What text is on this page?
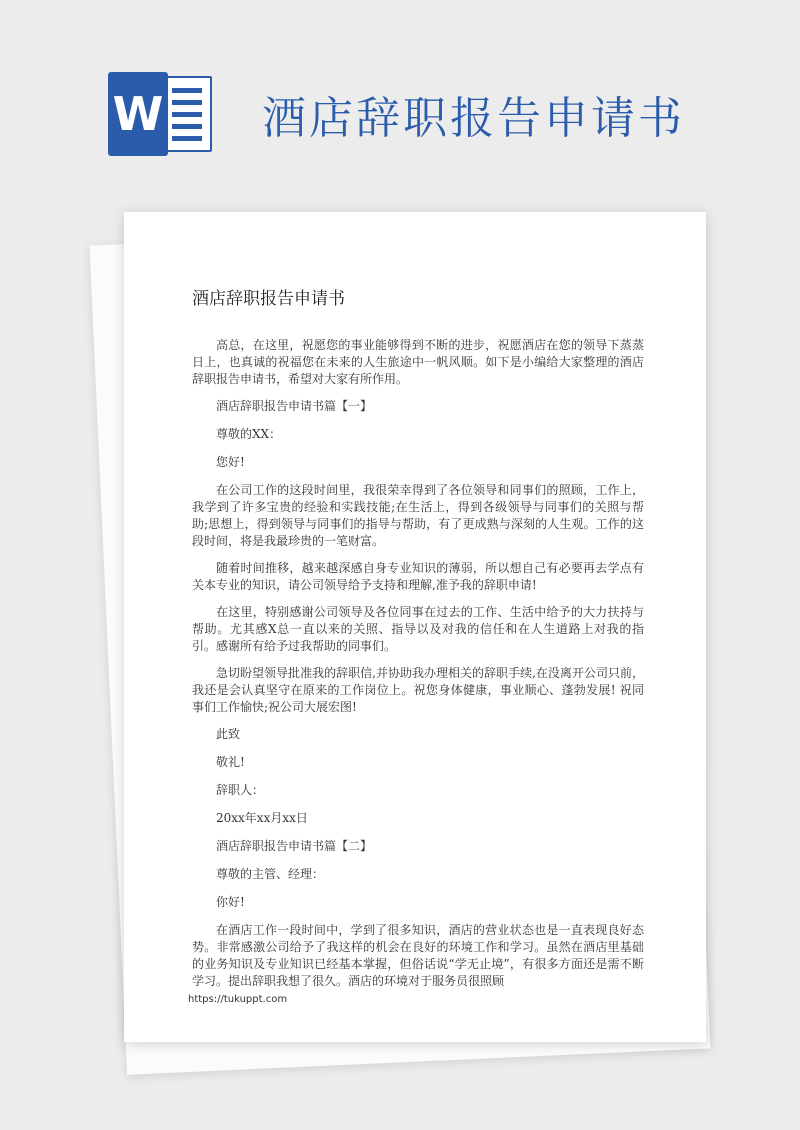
W 酒店辞职报告申请书
酒店辞职报告申请书

高总，在这里，祝愿您的事业能够得到不断的进步，祝愿酒店在您的领导下蒸蒸日上，也真诚的祝福您在未来的人生旅途中一帆风顺。如下是小编给大家整理的酒店辞职报告申请书，希望对大家有所作用。

酒店辞职报告申请书篇【一】

尊敬的XX：

您好!

在公司工作的这段时间里，我很荣幸得到了各位领导和同事们的照顾，工作上，我学到了许多宝贵的经验和实践技能;在生活上，得到各级领导与同事们的关照与帮助;思想上，得到领导与同事们的指导与帮助，有了更成熟与深刻的人生观。工作的这段时间，将是我最珍贵的一笔财富。

随着时间推移，越来越深感自身专业知识的薄弱，所以想自己有必要再去学点有关本专业的知识，请公司领导给予支持和理解,准予我的辞职申请!

在这里，特别感谢公司领导及各位同事在过去的工作、生活中给予的大力扶持与帮助。尤其感X总一直以来的关照、指导以及对我的信任和在人生道路上对我的指引。感谢所有给予过我帮助的同事们。

急切盼望领导批准我的辞职信,并协助我办理相关的辞职手续,在没离开公司只前，我还是会认真坚守在原来的工作岗位上。祝您身体健康，事业顺心、蓬勃发展! 祝同事们工作愉快;祝公司大展宏图!

此致

敬礼!

辞职人：

20xx年xx月xx日

酒店辞职报告申请书篇【二】

尊敬的主管、经理：

你好!

在酒店工作一段时间中，学到了很多知识，酒店的营业状态也是一直表现良好态势。非常感激公司给予了我这样的机会在良好的环境工作和学习。虽然在酒店里基础的业务知识及专业知识已经基本掌握，但俗话说“学无止境”，有很多方面还是需不断学习。提出辞职我想了很久。酒店的环境对于服务员很照顾

https://tukuppt.com
